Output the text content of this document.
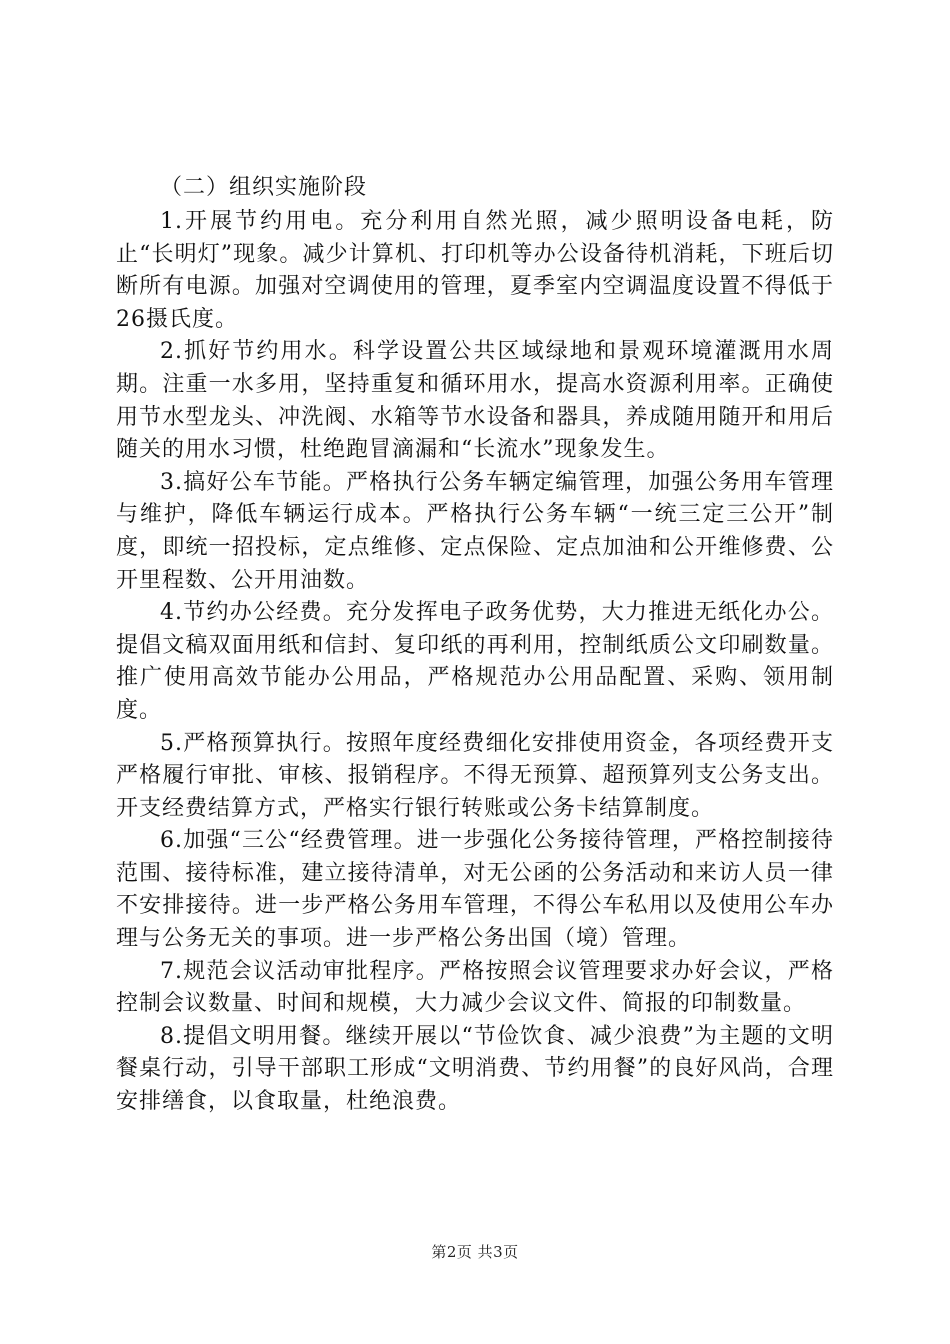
（二）组织实施阶段

1.开展节约用电。充分利用自然光照，减少照明设备电耗，防止“长明灯”现象。减少计算机、打印机等办公设备待机消耗，下班后切断所有电源。加强对空调使用的管理，夏季室内空调温度设置不得低于26摄氏度。

2.抓好节约用水。科学设置公共区域绿地和景观环境灌溉用水周期。注重一水多用，坚持重复和循环用水，提高水资源利用率。正确使用节水型龙头、冲洗阀、水箱等节水设备和器具，养成随用随开和用后随关的用水习惯，杜绝跑冒滴漏和“长流水”现象发生。

3.搞好公车节能。严格执行公务车辆定编管理，加强公务用车管理与维护，降低车辆运行成本。严格执行公务车辆“一统三定三公开”制度，即统一招投标，定点维修、定点保险、定点加油和公开维修费、公开里程数、公开用油数。

4.节约办公经费。充分发挥电子政务优势，大力推进无纸化办公。提倡文稿双面用纸和信封、复印纸的再利用，控制纸质公文印刷数量。推广使用高效节能办公用品，严格规范办公用品配置、采购、领用制度。

5.严格预算执行。按照年度经费细化安排使用资金，各项经费开支严格履行审批、审核、报销程序。不得无预算、超预算列支公务支出。开支经费结算方式，严格实行银行转账或公务卡结算制度。

6.加强“三公“经费管理。进一步强化公务接待管理，严格控制接待范围、接待标准，建立接待清单，对无公函的公务活动和来访人员一律不安排接待。进一步严格公务用车管理，不得公车私用以及使用公车办理与公务无关的事项。进一步严格公务出国（境）管理。

7.规范会议活动审批程序。严格按照会议管理要求办好会议，严格控制会议数量、时间和规模，大力减少会议文件、简报的印制数量。

8.提倡文明用餐。继续开展以“节俭饮食、减少浪费”为主题的文明餐桌行动，引导干部职工形成“文明消费、节约用餐”的良好风尚，合理安排缮食，以食取量，杜绝浪费。

第2页 共3页
